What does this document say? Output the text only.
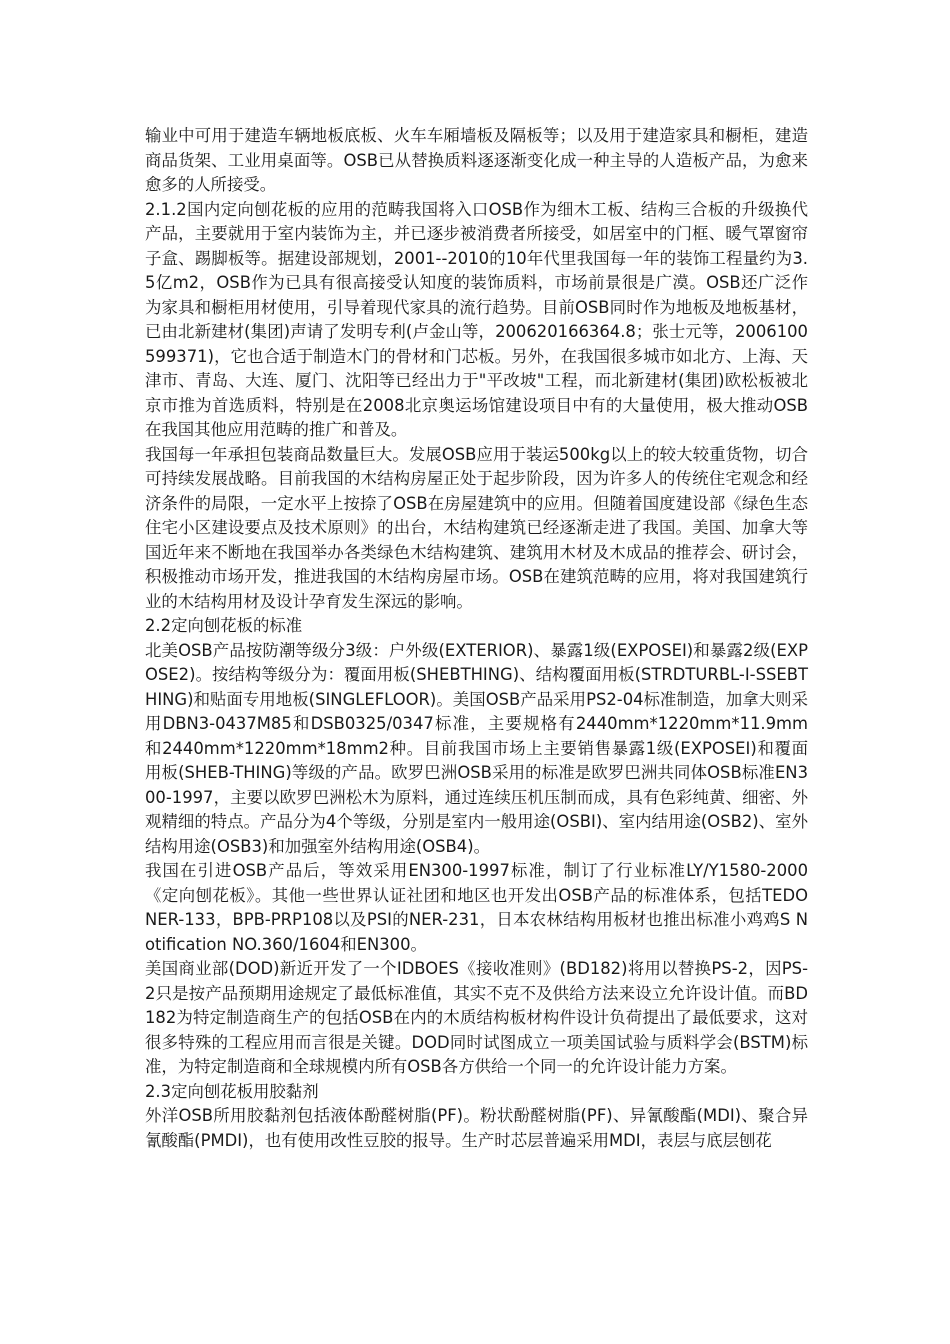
输业中可用于建造车辆地板底板、火车车厢墙板及隔板等；以及用于建造家具和橱柜，建造商品货架、工业用桌面等。OSB已从替换质料逐逐渐变化成一种主导的人造板产品，为愈来愈多的人所接受。

2.1.2国内定向刨花板的应用的范畴我国将入口OSB作为细木工板、结构三合板的升级换代产品，主要就用于室内装饰为主，并已逐步被消费者所接受，如居室中的门框、暖气罩窗帘子盒、踢脚板等。据建设部规划，2001--2010的10年代里我国每一年的装饰工程量约为3.5亿m2，OSB作为已具有很高接受认知度的装饰质料，市场前景很是广漠。OSB还广泛作为家具和橱柜用材使用，引导着现代家具的流行趋势。目前OSB同时作为地板及地板基材，已由北新建材(集团)声请了发明专利(卢金山等，200620166364.8；张士元等，2006100599371)，它也合适于制造木门的骨材和门芯板。另外，在我国很多城市如北方、上海、天津市、青岛、大连、厦门、沈阳等已经出力于"平改坡"工程，而北新建材(集团)欧松板被北京市推为首选质料，特别是在2008北京奥运场馆建设项目中有的大量使用，极大推动OSB在我国其他应用范畴的推广和普及。

我国每一年承担包装商品数量巨大。发展OSB应用于装运500kg以上的较大较重货物，切合可持续发展战略。目前我国的木结构房屋正处于起步阶段，因为许多人的传统住宅观念和经济条件的局限，一定水平上按捺了OSB在房屋建筑中的应用。但随着国度建设部《绿色生态住宅小区建设要点及技术原则》的出台，木结构建筑已经逐渐走进了我国。美国、加拿大等国近年来不断地在我国举办各类绿色木结构建筑、建筑用木材及木成品的推荐会、研讨会，积极推动市场开发，推进我国的木结构房屋市场。OSB在建筑范畴的应用，将对我国建筑行业的木结构用材及设计孕育发生深远的影响。

2.2定向刨花板的标准

北美OSB产品按防潮等级分3级：户外级(EXTERIOR)、暴露1级(EXPOSEI)和暴露2级(EXPOSE2)。按结构等级分为：覆面用板(SHEBTHING)、结构覆面用板(STRDTURBL-I-SSEBTHING)和贴面专用地板(SINGLEFLOOR)。美国OSB产品采用PS2-04标准制造，加拿大则采用DBN3-0437M85和DSB0325/0347标准，主要规格有2440mm*1220mm*11.9mm和2440mm*1220mm*18mm2种。目前我国市场上主要销售暴露1级(EXPOSEI)和覆面用板(SHEB-THING)等级的产品。欧罗巴洲OSB采用的标准是欧罗巴洲共同体OSB标准EN300-1997，主要以欧罗巴洲松木为原料，通过连续压机压制而成，具有色彩纯黄、细密、外观精细的特点。产品分为4个等级，分别是室内一般用途(OSBI)、室内结用途(OSB2)、室外结构用途(OSB3)和加强室外结构用途(OSB4)。

我国在引进OSB产品后，等效采用EN300-1997标准，制订了行业标准LY/Y1580-2000《定向刨花板》。其他一些世界认证社团和地区也开发出OSB产品的标准体系，包括TEDO NER-133，BPB-PRP108以及PSI的NER-231，日本农林结构用板材也推出标准小鸡鸡S Notification NO.360/1604和EN300。

美国商业部(DOD)新近开发了一个IDBOES《接收准则》(BD182)将用以替换PS-2，因PS-2只是按产品预期用途规定了最低标准值，其实不克不及供给方法来设立允许设计值。而BD182为特定制造商生产的包括OSB在内的木质结构板材构件设计负荷提出了最低要求，这对很多特殊的工程应用而言很是关键。DOD同时试图成立一项美国试验与质料学会(BSTM)标准，为特定制造商和全球规模内所有OSB各方供给一个同一的允许设计能力方案。

2.3定向刨花板用胶黏剂

外洋OSB所用胶黏剂包括液体酚醛树脂(PF)。粉状酚醛树脂(PF)、异氰酸酯(MDI)、聚合异氰酸酯(PMDI)，也有使用改性豆胶的报导。生产时芯层普遍采用MDI，表层与底层刨花
